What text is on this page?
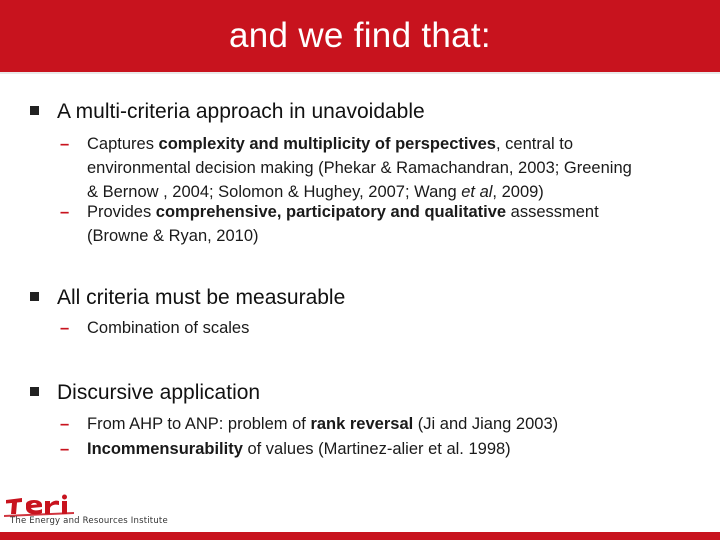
and we find that:
A multi-criteria approach in unavoidable
– Captures complexity and multiplicity of perspectives, central to
environmental decision making (Phekar & Ramachandran, 2003; Greening
& Bernow , 2004; Solomon & Hughey, 2007; Wang et al, 2009)
– Provides comprehensive, participatory and qualitative assessment
(Browne & Ryan, 2010)
All criteria must be measurable
– Combination of scales
Discursive application
– From AHP to ANP: problem of rank reversal (Ji and Jiang 2003)
– Incommensurability of values (Martinez-alier et al. 1998)
The Energy and Resources Institute
